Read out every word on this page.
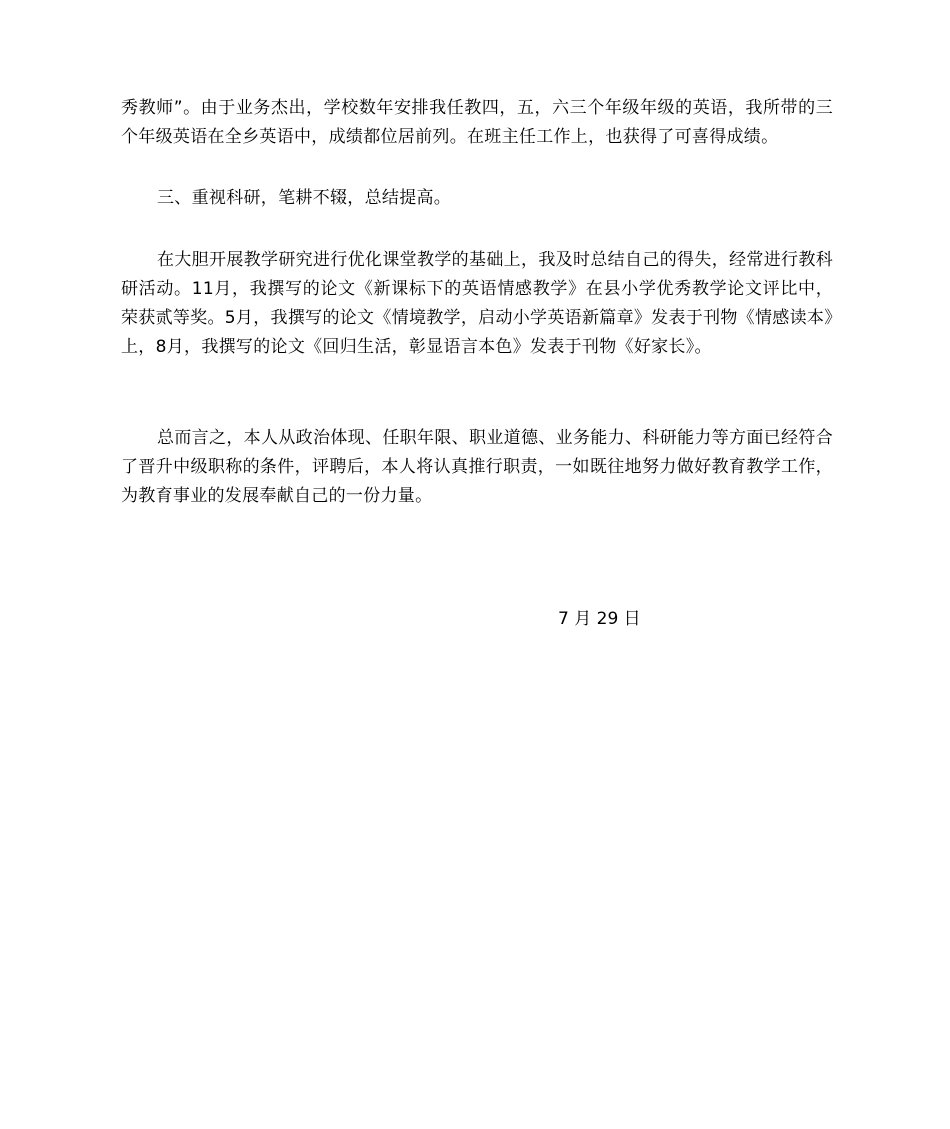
秀教师”。由于业务杰出，学校数年安排我任教四，五，六三个年级年级的英语，我所带的三个年级英语在全乡英语中，成绩都位居前列。在班主任工作上，也获得了可喜得成绩。

三、重视科研，笔耕不辍，总结提高。

在大胆开展教学研究进行优化课堂教学的基础上，我及时总结自己的得失，经常进行教科研活动。11月，我撰写的论文《新课标下的英语情感教学》在县小学优秀教学论文评比中，荣获贰等奖。5月，我撰写的论文《情境教学，启动小学英语新篇章》发表于刊物《情感读本》上，8月，我撰写的论文《回归生活，彰显语言本色》发表于刊物《好家长》。

总而言之，本人从政治体现、任职年限、职业道德、业务能力、科研能力等方面已经符合了晋升中级职称的条件，评聘后，本人将认真推行职责，一如既往地努力做好教育教学工作，为教育事业的发展奉献自己的一份力量。

7 月 29 日
